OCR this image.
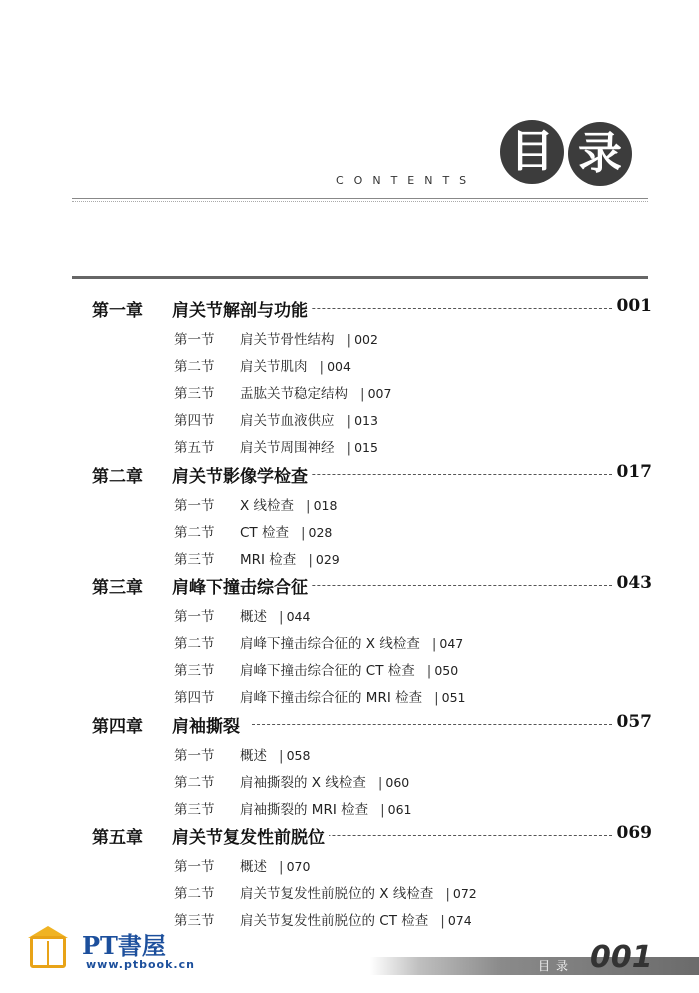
目 录
CONTENTS
第一章 肩关节解剖与功能	001
第一节 肩关节骨性结构 | 002
第二节 肩关节肌肉 | 004
第三节 盂肱关节稳定结构 | 007
第四节 肩关节血液供应 | 013
第五节 肩关节周围神经 | 015
第二章 肩关节影像学检查	017
第一节 X 线检查 | 018
第二节 CT 检查 | 028
第三节 MRI 检查 | 029
第三章 肩峰下撞击综合征	043
第一节 概述 | 044
第二节 肩峰下撞击综合征的 X 线检查 | 047
第三节 肩峰下撞击综合征的 CT 检查 | 050
第四节 肩峰下撞击综合征的 MRI 检查 | 051
第四章 肩袖撕裂	057
第一节 概述 | 058
第二节 肩袖撕裂的 X 线检查 | 060
第三节 肩袖撕裂的 MRI 检查 | 061
第五章 肩关节复发性前脱位	069
第一节 概述 | 070
第二节 肩关节复发性前脱位的 X 线检查 | 072
第三节 肩关节复发性前脱位的 CT 检查 | 074
PT書屋
www.ptbook.cn	目录 001
